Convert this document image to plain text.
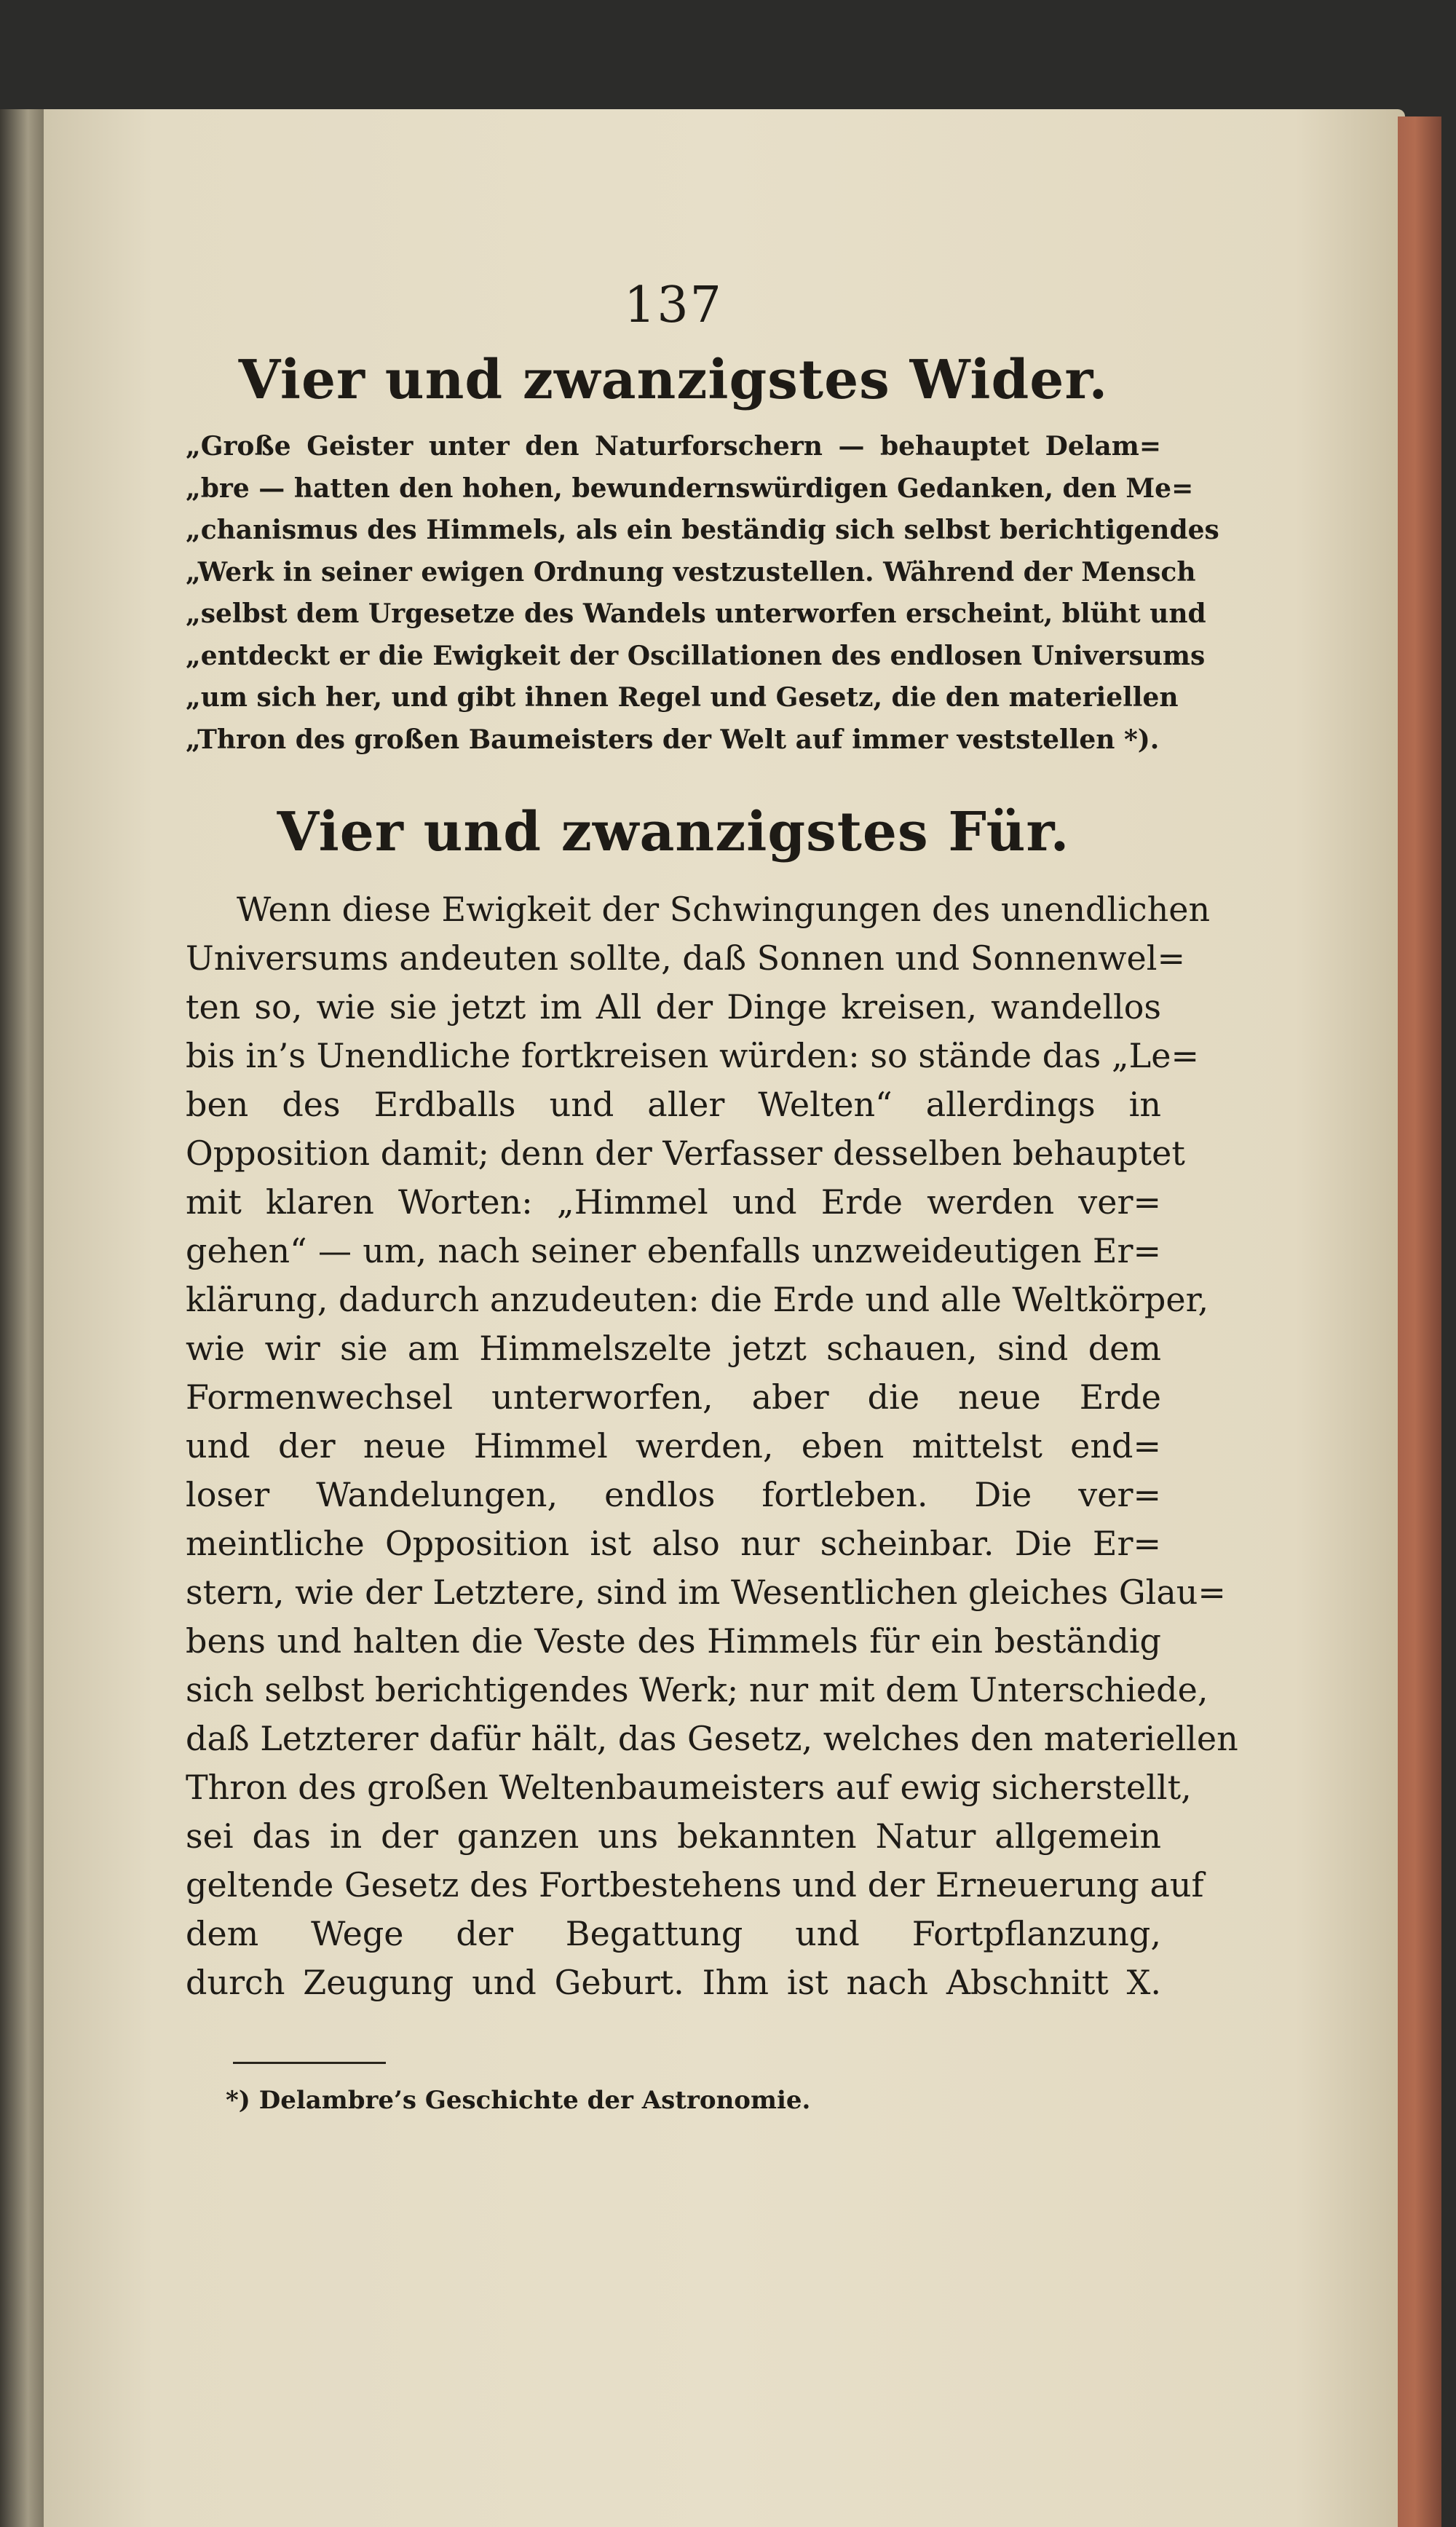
137
Vier und zwanzigstes Wider.

„Große Geister unter den Naturforschern — behauptet Delam=

„bre — hatten den hohen, bewundernswürdigen Gedanken, den Me=

„chanismus des Himmels, als ein beständig sich selbst berichtigendes

„Werk in seiner ewigen Ordnung vestzustellen. Während der Mensch

„selbst dem Urgesetze des Wandels unterworfen erscheint, blüht und

„entdeckt er die Ewigkeit der Oscillationen des endlosen Universums

„um sich her, und gibt ihnen Regel und Gesetz, die den materiellen

„Thron des großen Baumeisters der Welt auf immer veststellen *).

Vier und zwanzigstes Für.

Wenn diese Ewigkeit der Schwingungen des unendlichen

Universums andeuten sollte, daß Sonnen und Sonnenwel=

ten so, wie sie jetzt im All der Dinge kreisen, wandellos

bis in’s Unendliche fortkreisen würden: so stände das „Le=

ben des Erdballs und aller Welten“ allerdings in

Opposition damit; denn der Verfasser desselben behauptet

mit klaren Worten: „Himmel und Erde werden ver=

gehen“ — um, nach seiner ebenfalls unzweideutigen Er=

klärung, dadurch anzudeuten: die Erde und alle Weltkörper,

wie wir sie am Himmelszelte jetzt schauen, sind dem

Formenwechsel unterworfen, aber die neue Erde

und der neue Himmel werden, eben mittelst end=

loser Wandelungen, endlos fortleben. Die ver=

meintliche Opposition ist also nur scheinbar. Die Er=

stern, wie der Letztere, sind im Wesentlichen gleiches Glau=

bens und halten die Veste des Himmels für ein beständig

sich selbst berichtigendes Werk; nur mit dem Unterschiede,

daß Letzterer dafür hält, das Gesetz, welches den materiellen

Thron des großen Weltenbaumeisters auf ewig sicherstellt,

sei das in der ganzen uns bekannten Natur allgemein

geltende Gesetz des Fortbestehens und der Erneuerung auf

dem Wege der Begattung und Fortpflanzung,

durch Zeugung und Geburt. Ihm ist nach Abschnitt X.

*) Delambre’s Geschichte der Astronomie.
